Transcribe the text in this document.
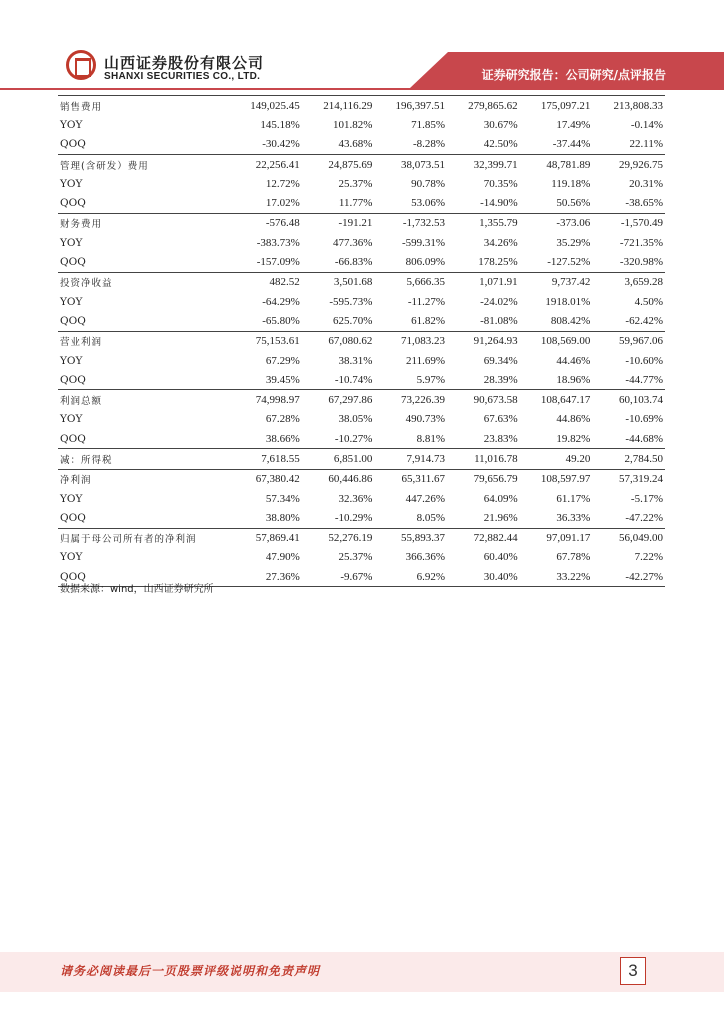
山西证券股份有限公司
SHANXI SECURITIES CO., LTD.	证券研究报告：公司研究/点评报告
销售费用	149,025.45	214,116.29	196,397.51	279,865.62	175,097.21	213,808.33
YOY	145.18%	101.82%	71.85%	30.67%	17.49%	-0.14%
QOQ	-30.42%	43.68%	-8.28%	42.50%	-37.44%	22.11%
管理(含研发）费用	22,256.41	24,875.69	38,073.51	32,399.71	48,781.89	29,926.75
YOY	12.72%	25.37%	90.78%	70.35%	119.18%	20.31%
QOQ	17.02%	11.77%	53.06%	-14.90%	50.56%	-38.65%
财务费用	-576.48	-191.21	-1,732.53	1,355.79	-373.06	-1,570.49
YOY	-383.73%	477.36%	-599.31%	34.26%	35.29%	-721.35%
QOQ	-157.09%	-66.83%	806.09%	178.25%	-127.52%	-320.98%
投资净收益	482.52	3,501.68	5,666.35	1,071.91	9,737.42	3,659.28
YOY	-64.29%	-595.73%	-11.27%	-24.02%	1918.01%	4.50%
QOQ	-65.80%	625.70%	61.82%	-81.08%	808.42%	-62.42%
营业利润	75,153.61	67,080.62	71,083.23	91,264.93	108,569.00	59,967.06
YOY	67.29%	38.31%	211.69%	69.34%	44.46%	-10.60%
QOQ	39.45%	-10.74%	5.97%	28.39%	18.96%	-44.77%
利润总额	74,998.97	67,297.86	73,226.39	90,673.58	108,647.17	60,103.74
YOY	67.28%	38.05%	490.73%	67.63%	44.86%	-10.69%
QOQ	38.66%	-10.27%	8.81%	23.83%	19.82%	-44.68%
减：所得税	7,618.55	6,851.00	7,914.73	11,016.78	49.20	2,784.50
净利润	67,380.42	60,446.86	65,311.67	79,656.79	108,597.97	57,319.24
YOY	57.34%	32.36%	447.26%	64.09%	61.17%	-5.17%
QOQ	38.80%	-10.29%	8.05%	21.96%	36.33%	-47.22%
归属于母公司所有者的净利润	57,869.41	52,276.19	55,893.37	72,882.44	97,091.17	56,049.00
YOY	47.90%	25.37%	366.36%	60.40%	67.78%	7.22%
QOQ	27.36%	-9.67%	6.92%	30.40%	33.22%	-42.27%
数据来源：wind，山西证券研究所
请务必阅读最后一页股票评级说明和免责声明	3
